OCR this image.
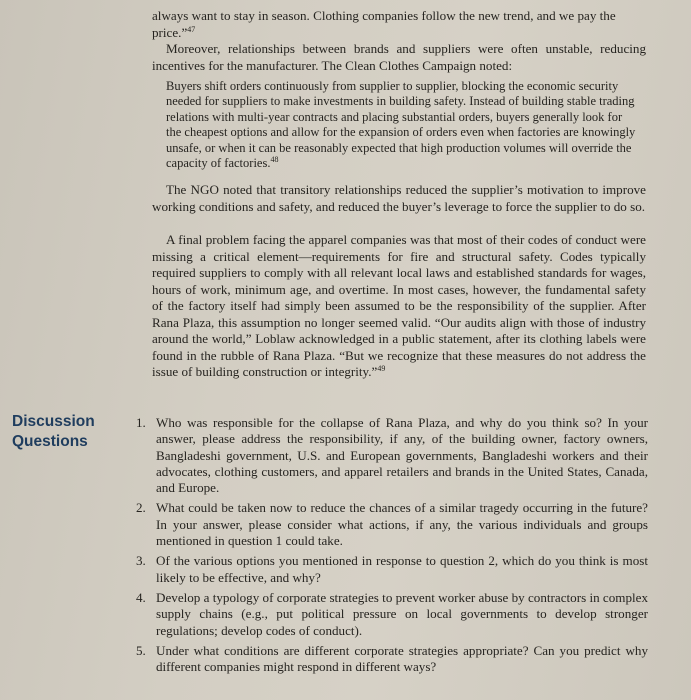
always want to stay in season. Clothing companies follow the new trend, and we pay the

price.”$^{47}$

Moreover, relationships between brands and suppliers were often unstable, reducing incentives for the manufacturer. The Clean Clothes Campaign noted:

Buyers shift orders continuously from supplier to supplier, blocking the economic security needed for suppliers to make investments in building safety. Instead of building stable trading relations with multi-year contracts and placing substantial orders, buyers generally look for the cheapest options and allow for the expansion of orders even when factories are knowingly unsafe, or when it can be reasonably expected that high production volumes will override the capacity of factories.$^{48}$

The NGO noted that transitory relationships reduced the supplier’s motivation to improve working conditions and safety, and reduced the buyer’s leverage to force the supplier to do so.

A final problem facing the apparel companies was that most of their codes of conduct were missing a critical element—requirements for fire and structural safety. Codes typically required suppliers to comply with all relevant local laws and established standards for wages, hours of work, minimum age, and overtime. In most cases, however, the fundamental safety of the factory itself had simply been assumed to be the responsibility of the supplier. After Rana Plaza, this assumption no longer seemed valid. “Our audits align with those of industry around the world,” Loblaw acknowledged in a public statement, after its clothing labels were found in the rubble of Rana Plaza. “But we recognize that these measures do not address the issue of building construction or integrity.”$^{49}$

Discussion
Questions
1. Who was responsible for the collapse of Rana Plaza, and why do you think so? In your answer, please address the responsibility, if any, of the building owner, factory owners, Bangladeshi government, U.S. and European governments, Bangladeshi workers and their advocates, clothing customers, and apparel retailers and brands in the United States, Canada, and Europe.
2. What could be taken now to reduce the chances of a similar tragedy occurring in the future? In your answer, please consider what actions, if any, the various individuals and groups mentioned in question 1 could take.
3. Of the various options you mentioned in response to question 2, which do you think is most likely to be effective, and why?
4. Develop a typology of corporate strategies to prevent worker abuse by contractors in complex supply chains (e.g., put political pressure on local governments to develop stronger regulations; develop codes of conduct).
5. Under what conditions are different corporate strategies appropriate? Can you predict why different companies might respond in different ways?
